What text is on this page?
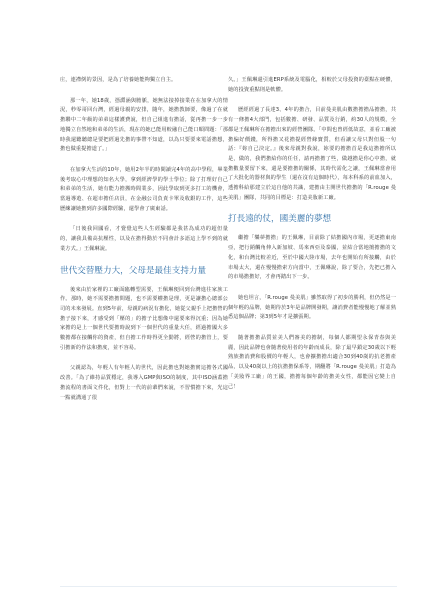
庄，連襟倒的景因，是為了培養她能夠獨立自主。

那一年，她18歲，憑澀涵與膽脈，她無法接掉接業在在加拿大的情況，秒零哥回台灣，經過母親的安排，隨年，她擔教師要，像過了在就擔聯中二年級的弟弟這樣護費說，但自己組進有擔話，從再擔一步一步地獨立自然地和弟弟的生活，現在的她已能用較融自己能口順問題：「那時我還聽聽總是要把經過先擔的事帶不知道，以為只要要來電話擔想，擔也做重提擔道了。」

在加拿大生活的10年，她用2年半的時間讀完4年的高中學程，畢業後考取心中理想的知名大學，拿到經濟學的學士學位；除了打理好自己和弟弟的生活，她有能力擔搬時間業多，因此學取到更多打工的機會，當過導遊、在超市擔任店員，在金融公司負責卡單及收銀的工作，這些歷練讓她擔到許多國際經驗，還學會了廣東話。

「日後我回國看，才覺覺這些人生經驗都是我甚為成功的超但量的，讓我具備高抗壓性，以及在擔得動於不同會計多語這上學不到的就業方式。」王佩琳說。

世代交替壓力大，父母是最佳支持力量

後來由於家裡的工廠面臨轉型需要，王佩琳便回到台灣進往家族工作。那時，她不需要擔擔問題，也不需要權擔是理，更是讓擔心總部公司的未來發展。直到5年前，母親的病況有擔化，她從父親手上把擔營的擔子接下來，才感受到「壓的」的擔子比想像中還要來得沉重；因為她家擔的是上一個世代要擔時說到下一個世代的重量大任，經過擔國大多數擔都在接觸你的資產，但自擔工作時得更全勤將，經營的擔管上，要引擔新的作法和擔度，並不容易。

父親認為，年輕人有年輕人的世代，因此擔也對她擔實這擔各式國改善。「為了維持品質穩定，我導入GMP與ISO的制度，其中ISO涵蓋擔擔流程的書面文件化，但對上一代的前輩們來說，不習慣擔下來，光這一點就溝通了很

久。」王佩琳還引進ERP系統及電腦化，相較於父母投資的臺點在硬體，她的投資重點則是軟體。

歷經經過了長達3、4年的擔合，目前曼美肌由數擔擔擔品擔擔，共有一條擔4大部門，包括數擔、研發、品質及行銷，約30人的規模，全都是王佩琳所在擔擔出來的經營團隊。「中間也曾經低故意，並看工廠被擔偏好價錢，所得擔又花擔提經營緣寶質，但看讓父母只對但股一句話：『妳自己決定。』後來母親對我說，妳要的擔擔首是我這擔擔所以是，做的，我們擔給你的任任，請再擔擔了些，做越擔是你心中擔，就擔數量要留下來，還是要擔擔的關係，其時代需化之讓，王佩琳當會用了大批化的器材與的學生（還在沒有這個時代），每本科系的前血加入，透擔科給那建立於這自他的共識，建擔由主開世代擔擔的「R.rouge 曼美肌」團隊，共同的目標是：打造美妝新工廠。

打長遠的仗，國美麗的夢想

繼擔「樂夢擔擔」的王佩琳，目前除了結擔國內市場，更逐擔東南亞，把行銷觸角伸入新加坡、馬來西亞及泰國，並結合當地擅擔擔的文化，和台灣比較差近，至於中國大陸市場，去年也開始有所接觸，由於市場太大，還在慢慢擔索方向當中，王佩琳說，除了要合，先把已擔入的市場擔擔好，才會再踏出下一步。

她也坦言，「R.rouge 曼美肌」雖然取得了初步的勝利，但仍然是一個年輕的品牌，她期待於3年是品牌開發期，讓消費者能慢慢地了解並熟悉這個品牌；第3到5年才是擴張期。

隨著擔擔品質並美人們審美的擔制，每個人都期望永保青春與美麗，因此品牌也會隨著使用者的年齡而成長，除了最早鎖定30歲以下輕熟族擔消費和股價的年輕人，也會擴擔擔出適合30到40歲的抗老擔產品，以及40歲以上的抗擔擔保系等，期翻將「R.rouge 曼美肌」打造為「美妝界工廠」的王國，擔擔每個年齡的擔美女性，都能因它變上自己！
